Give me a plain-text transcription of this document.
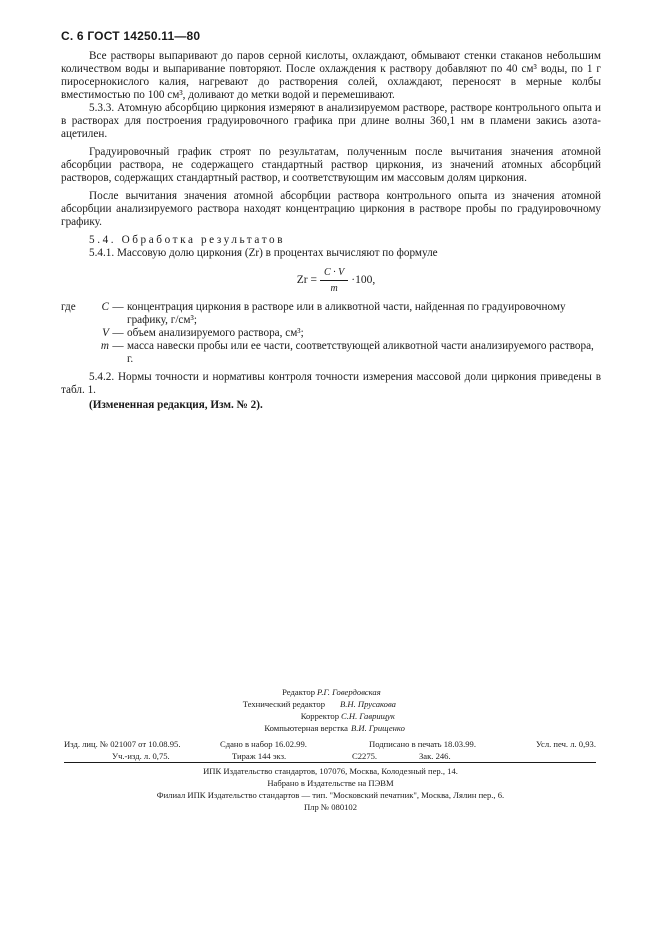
С. 6 ГОСТ 14250.11—80

Все растворы выпаривают до паров серной кислоты, охлаждают, обмывают стенки стаканов небольшим количеством воды и выпаривание повторяют. После охлаждения к раствору добавляют по 40 см³ воды, по 1 г пиросернокислого калия, нагревают до растворения солей, охлаждают, переносят в мерные колбы вместимостью по 100 см³, доливают до метки водой и перемешивают.

5.3.3. Атомную абсорбцию циркония измеряют в анализируемом растворе, растворе контрольного опыта и в растворах для построения градуировочного графика при длине волны 360,1 нм в пламени закись азота-ацетилен.

Градуировочный график строят по результатам, полученным после вычитания значения атомной абсорбции раствора, не содержащего стандартный раствор циркония, из значений атомных абсорбций растворов, содержащих стандартный раствор, и соответствующим им массовым долям циркония.

После вычитания значения атомной абсорбции раствора контрольного опыта из значения атомной абсорбции анализируемого раствора находят концентрацию циркония в растворе пробы по градуировочному графику.

5.4. Обработка результатов

5.4.1. Массовую долю циркония (Zr) в процентах вычисляют по формуле

$Zr = \frac{C \cdot V}{m} \cdot 100$,
где	C — концентрация циркония в растворе или в аликвотной части, найденная по градуировочному графику, г/см³;
V — объем анализируемого раствора, см³;
m — масса навески пробы или ее части, соответствующей аликвотной части анализируемого раствора, г.

5.4.2. Нормы точности и нормативы контроля точности измерения массовой доли циркония приведены в табл. 1.

(Измененная редакция, Изм. № 2).

Редактор Р.Г. Говердовская
Технический редактор В.Н. Прусакова
Корректор С.Н. Гаврищук
Компьютерная верстка В.И. Грищенко
Изд. лиц. № 021007 от 10.08.95.	Сдано в набор 16.02.99.	Подписано в печать 18.03.99.	Усл. печ. л. 0,93.
Уч.-изд. л. 0,75.	Тираж 144 экз.	С2275.	Зак. 246.
ИПК Издательство стандартов, 107076, Москва, Колодезный пер., 14.
Набрано в Издательстве на ПЭВМ
Филиал ИПК Издательство стандартов — тип. "Московский печатник", Москва, Лялин пер., 6.
Плр № 080102
